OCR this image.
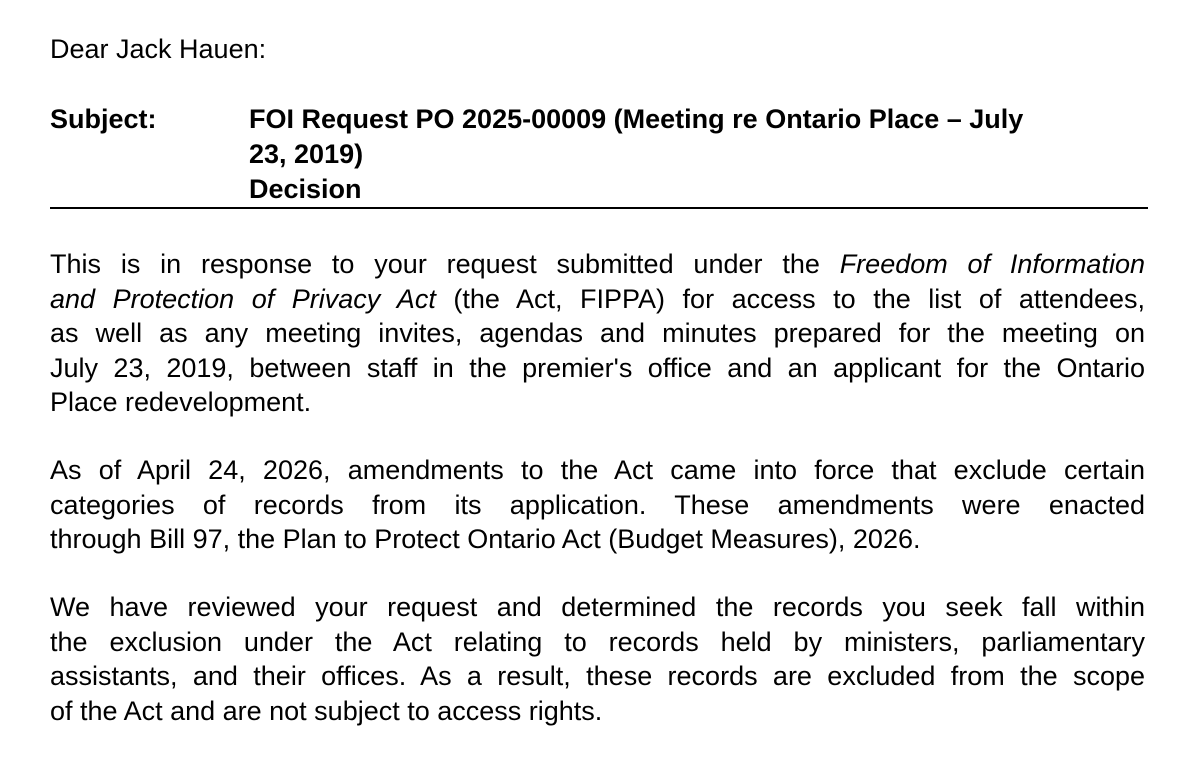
Dear Jack Hauen:
Subject:	FOI Request PO 2025-00009 (Meeting re Ontario Place – July
23, 2019)
Decision
This is in response to your request submitted under the Freedom of Information
and Protection of Privacy Act (the Act, FIPPA) for access to the list of attendees,
as well as any meeting invites, agendas and minutes prepared for the meeting on
July 23, 2019, between staff in the premier's office and an applicant for the Ontario
Place redevelopment.
As of April 24, 2026, amendments to the Act came into force that exclude certain
categories of records from its application. These amendments were enacted
through Bill 97, the Plan to Protect Ontario Act (Budget Measures), 2026.
We have reviewed your request and determined the records you seek fall within
the exclusion under the Act relating to records held by ministers, parliamentary
assistants, and their offices. As a result, these records are excluded from the scope
of the Act and are not subject to access rights.
